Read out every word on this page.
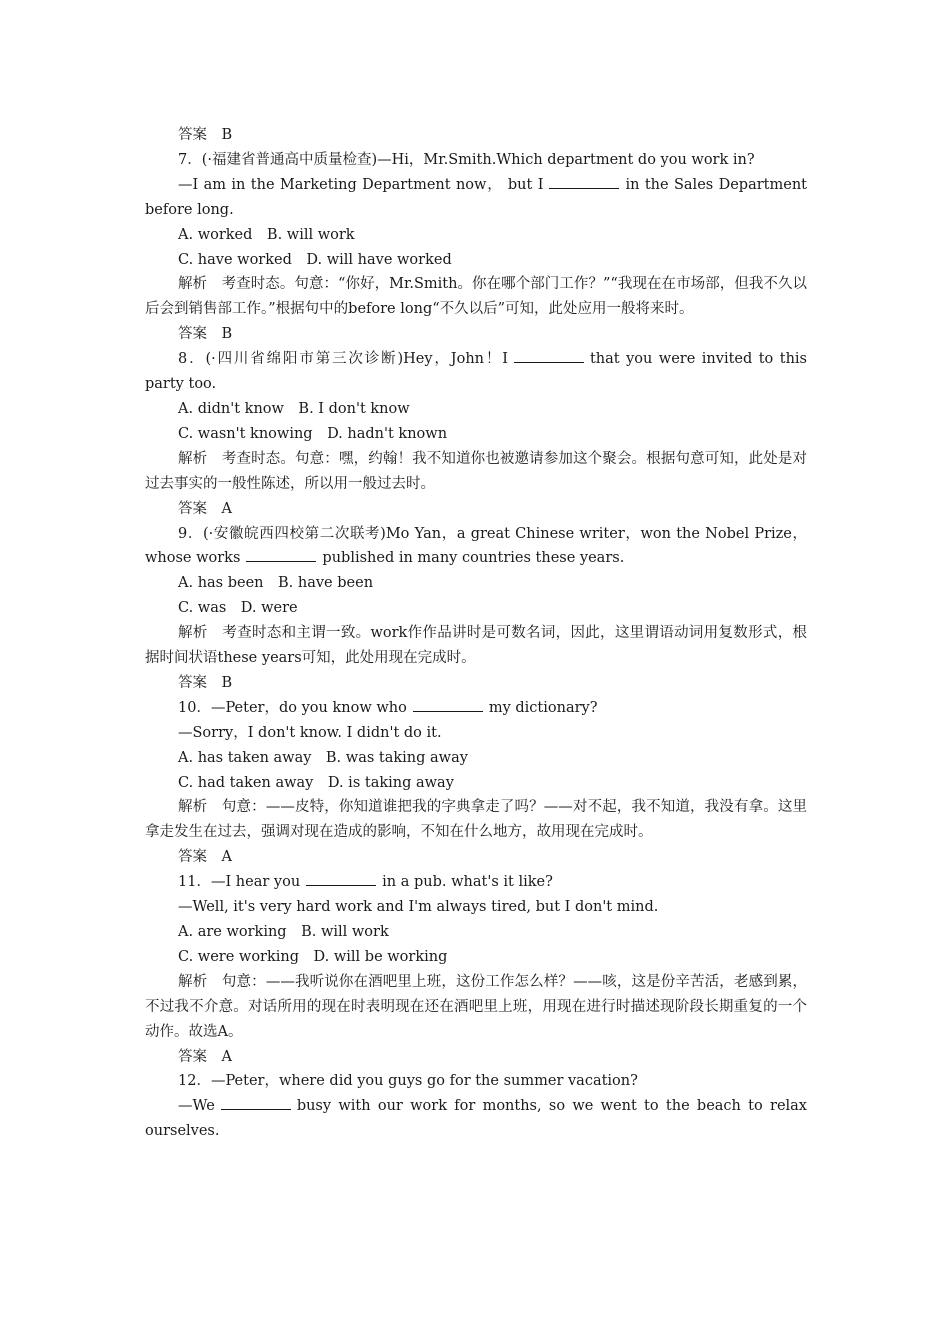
答案　B
7．(·福建省普通高中质量检查)—Hi，Mr.Smith.Which department do you work in?
—I am in the Marketing Department now， but I	in the Sales Department before long.
A. worked　B. will work
C. have worked　D. will have worked
解析　考查时态。句意：“你好，Mr.Smith。你在哪个部门工作？”“我现在在市场部，但我不久以后会到销售部工作。”根据句中的before long“不久以后”可知，此处应用一般将来时。
答案　B
8．(·四川省绵阳市第三次诊断)Hey，John！I	that you were invited to this party too.
A. didn't know　B. I don't know
C. wasn't knowing　D. hadn't known
解析　考查时态。句意：嘿，约翰！我不知道你也被邀请参加这个聚会。根据句意可知，此处是对过去事实的一般性陈述，所以用一般过去时。
答案　A
9．(·安徽皖西四校第二次联考)Mo Yan，a great Chinese writer，won the Nobel Prize，whose works	published in many countries these years.
A. has been　B. have been
C. was　D. were
解析　考查时态和主谓一致。work作作品讲时是可数名词，因此，这里谓语动词用复数形式，根据时间状语these years可知，此处用现在完成时。
答案　B
10．—Peter，do you know who	my dictionary?
—Sorry，I don't know. I didn't do it.
A. has taken away　B. was taking away
C. had taken away　D. is taking away
解析　句意：——皮特，你知道谁把我的字典拿走了吗？——对不起，我不知道，我没有拿。这里拿走发生在过去，强调对现在造成的影响，不知在什么地方，故用现在完成时。
答案　A
11．—I hear you	in a pub. what's it like?
—Well, it's very hard work and I'm always tired, but I don't mind.
A. are working　B. will work
C. were working　D. will be working
解析　句意：——我听说你在酒吧里上班，这份工作怎么样？——咳，这是份辛苦活，老感到累，不过我不介意。对话所用的现在时表明现在还在酒吧里上班，用现在进行时描述现阶段长期重复的一个动作。故选A。
答案　A
12．—Peter，where did you guys go for the summer vacation?
—We	busy with our work for months, so we went to the beach to relax ourselves.
